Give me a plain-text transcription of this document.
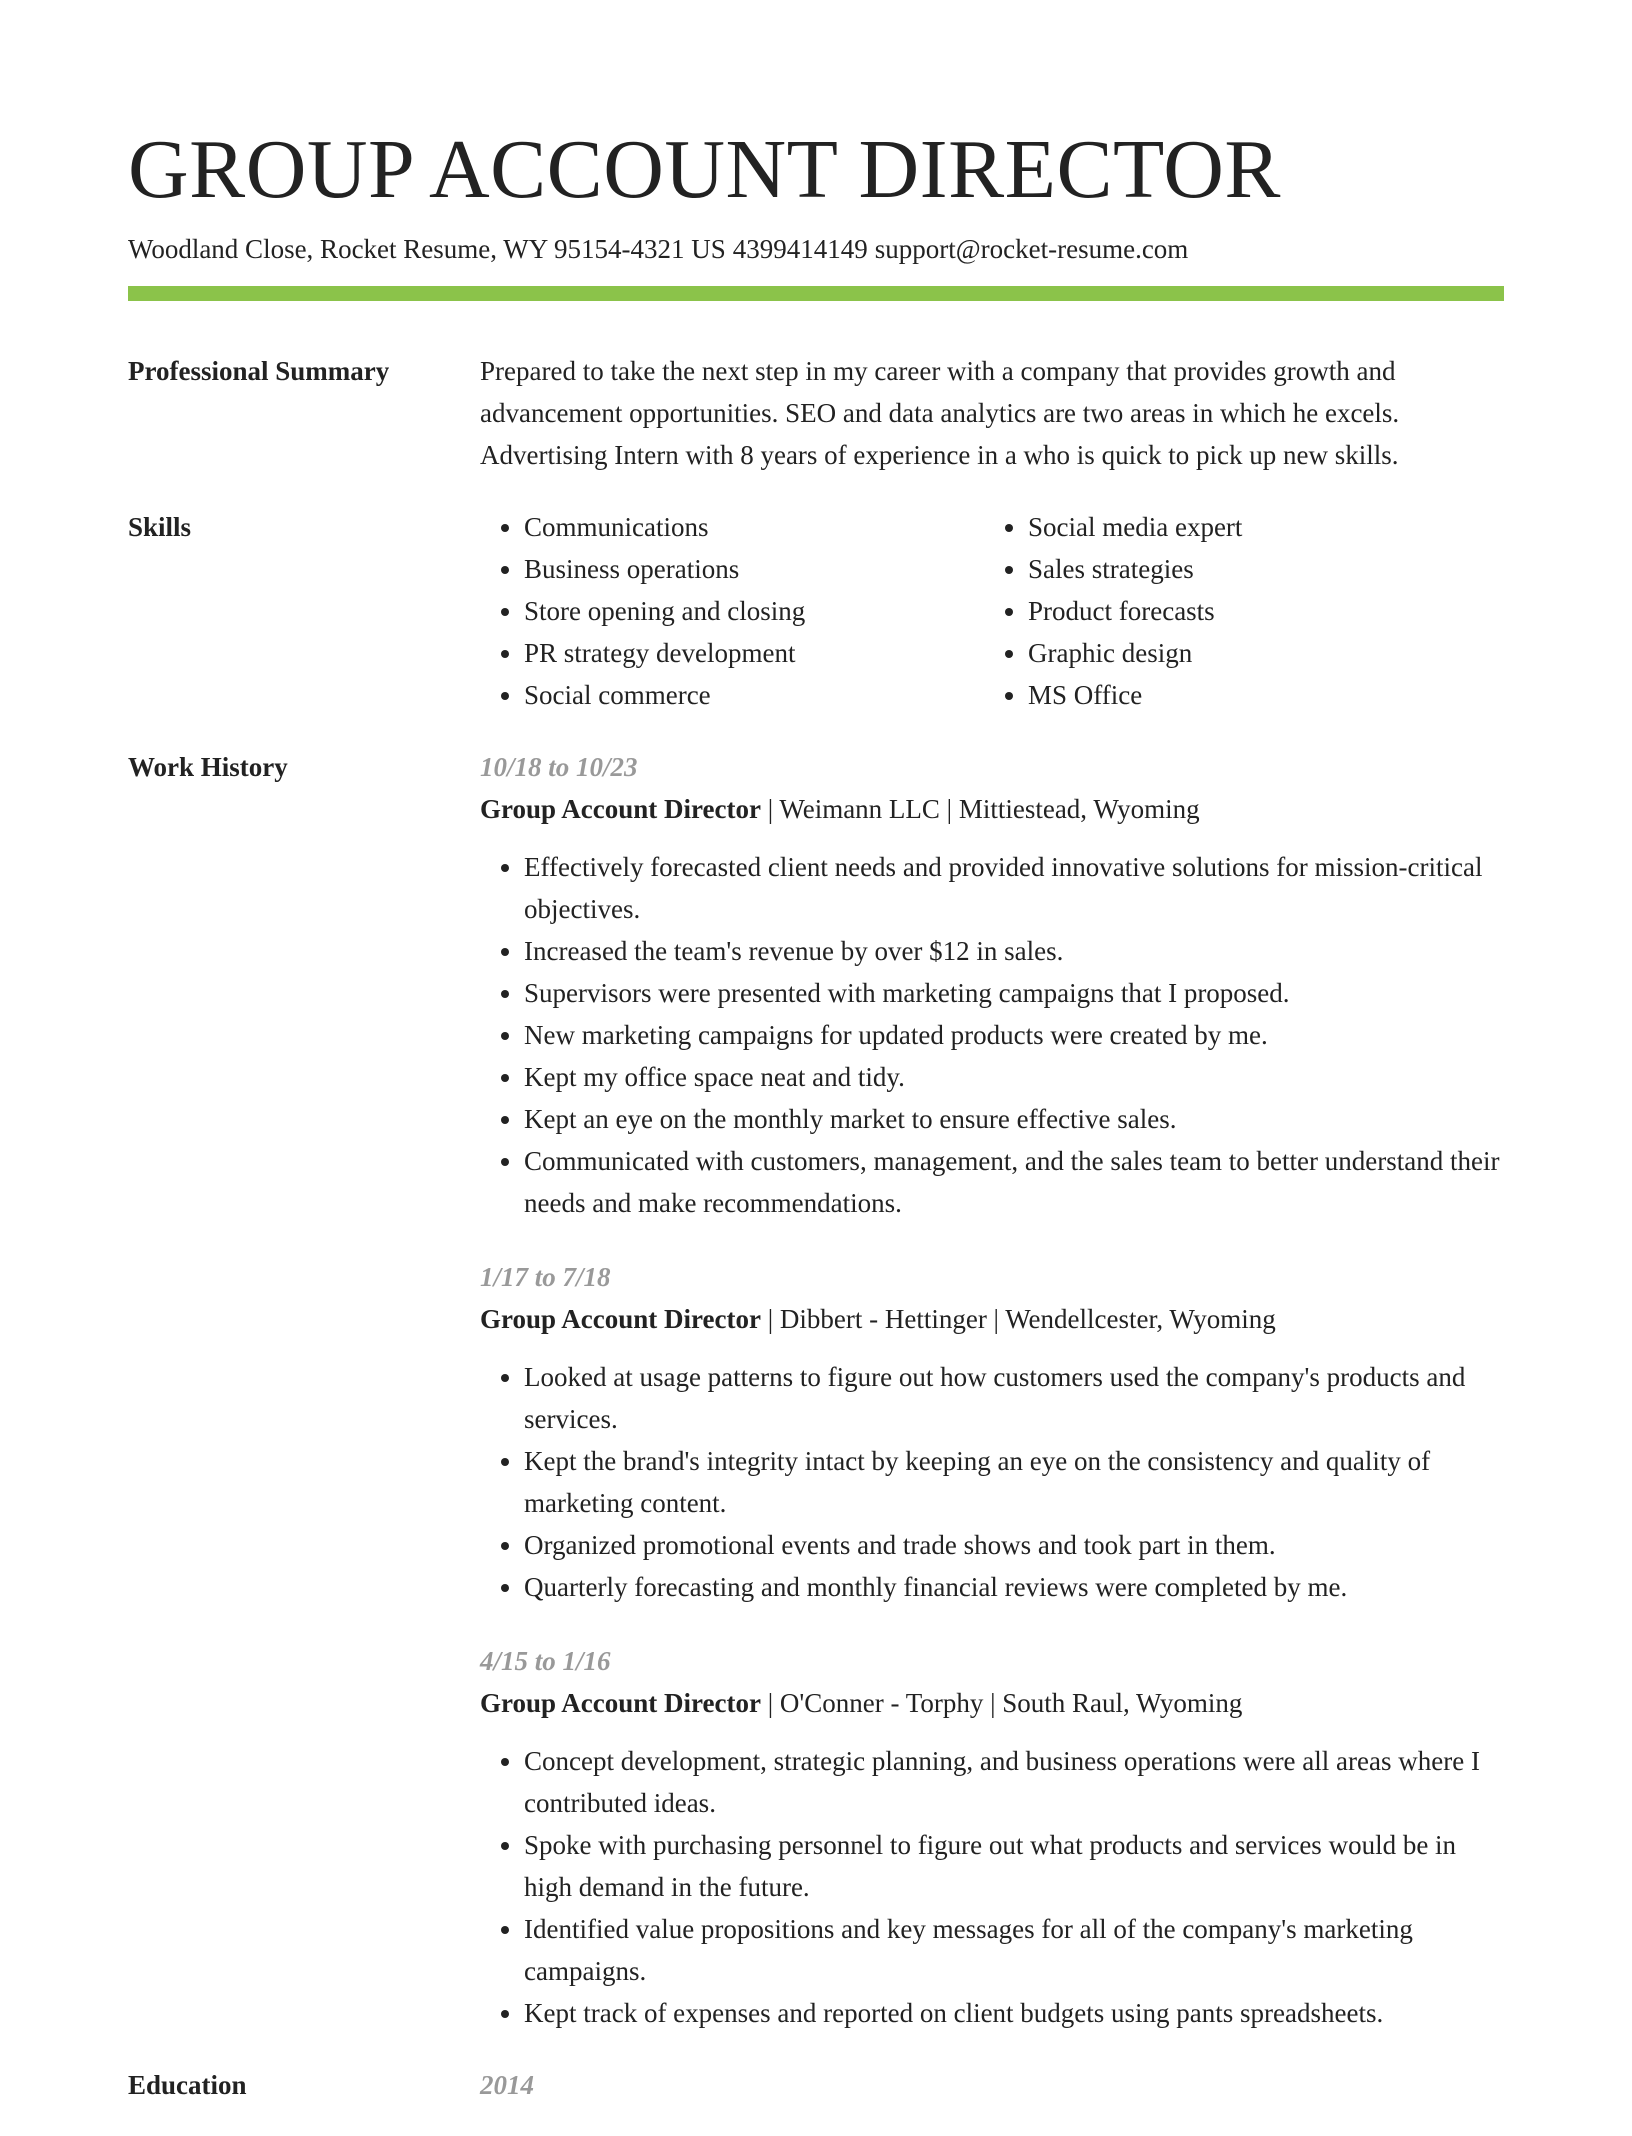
GROUP ACCOUNT DIRECTOR
Woodland Close, Rocket Resume, WY 95154-4321 US 4399414149 support@rocket-resume.com
Professional Summary	Prepared to take the next step in my career with a company that provides growth and advancement opportunities. SEO and data analytics are two areas in which he excels. Advertising Intern with 8 years of experience in a who is quick to pick up new skills.

Skills
•	Communications
• Business operations
• Store opening and closing
• PR strategy development
• Social commerce
• Social media expert
• Sales strategies
• Product forecasts
• Graphic design
• MS Office
Work History	10/18 to 10/23
Group Account Director | Weimann LLC | Mittiestead, Wyoming
• Effectively forecasted client needs and provided innovative solutions for mission-critical objectives.
• Increased the team's revenue by over $12 in sales.
• Supervisors were presented with marketing campaigns that I proposed.
• New marketing campaigns for updated products were created by me.
• Kept my office space neat and tidy.
• Kept an eye on the monthly market to ensure effective sales.
• Communicated with customers, management, and the sales team to better understand their needs and make recommendations.
1/17 to 7/18
Group Account Director | Dibbert - Hettinger | Wendellcester, Wyoming
• Looked at usage patterns to figure out how customers used the company's products and services.
• Kept the brand's integrity intact by keeping an eye on the consistency and quality of marketing content.
• Organized promotional events and trade shows and took part in them.
• Quarterly forecasting and monthly financial reviews were completed by me.
4/15 to 1/16
Group Account Director | O'Conner - Torphy | South Raul, Wyoming
• Concept development, strategic planning, and business operations were all areas where I contributed ideas.
• Spoke with purchasing personnel to figure out what products and services would be in high demand in the future.
• Identified value propositions and key messages for all of the company's marketing campaigns.
• Kept track of expenses and reported on client budgets using pants spreadsheets.
Education	2014
